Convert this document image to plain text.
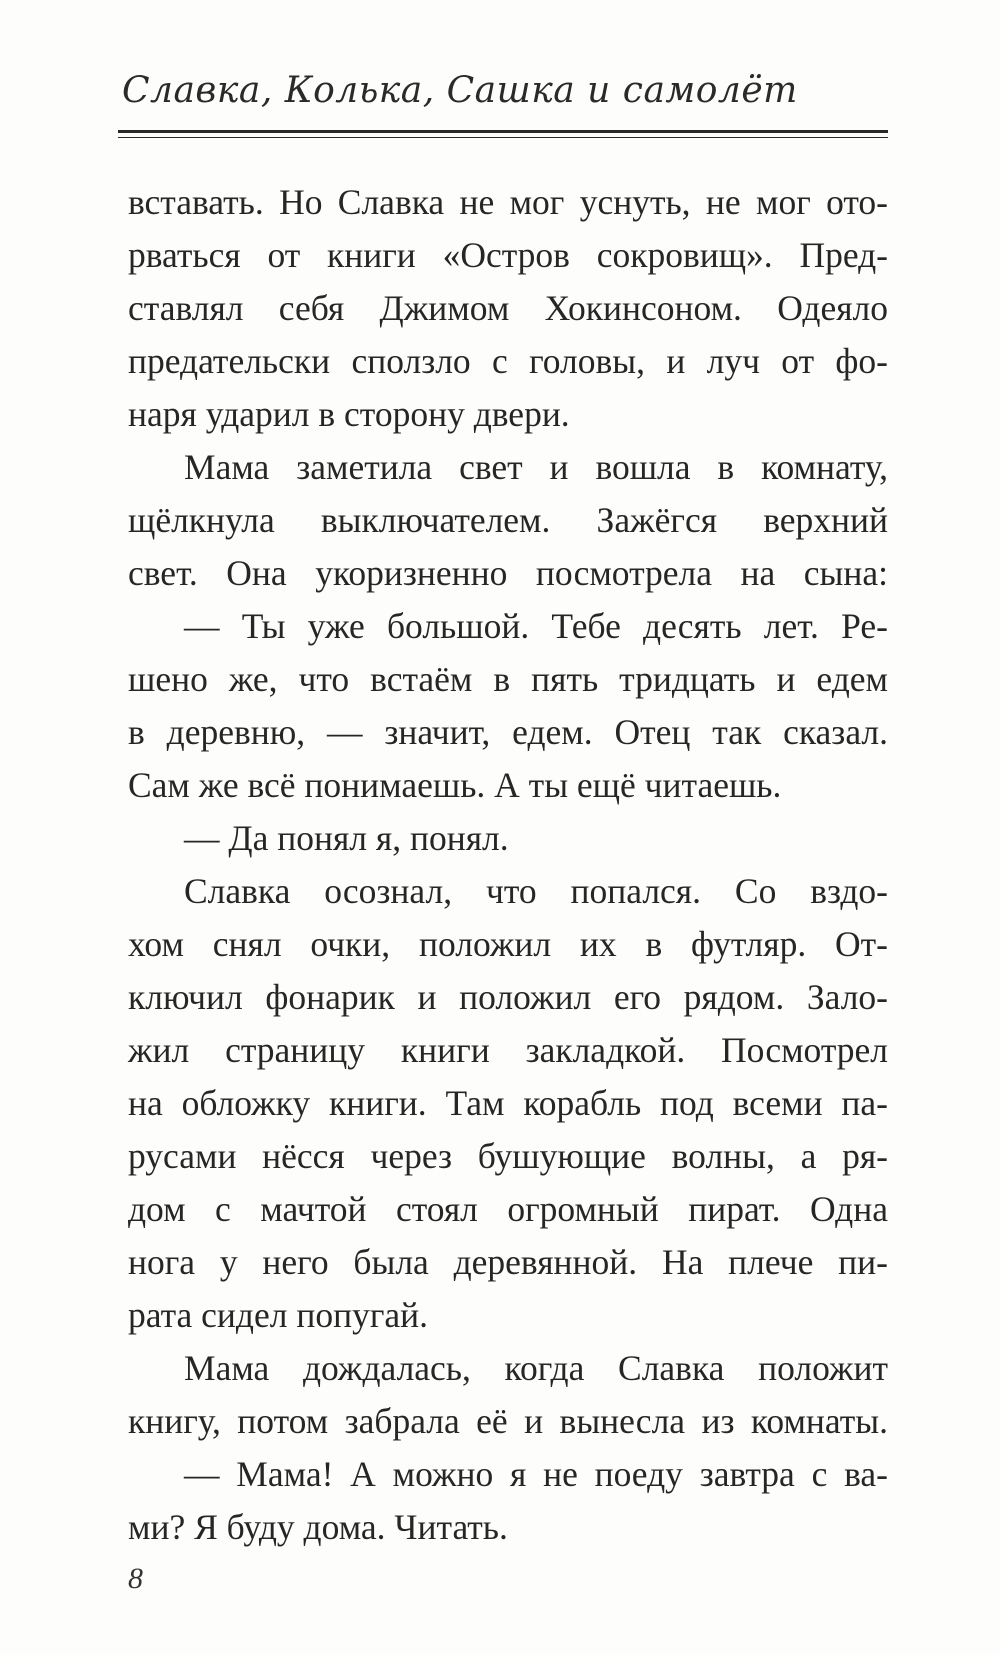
Славка, Колька, Сашка и самолёт
вставать. Но Славка не мог уснуть, не мог ото-
рваться от книги «Остров сокровищ». Пред-
ставлял себя Джимом Хокинсоном. Одеяло
предательски сползло с головы, и луч от фо-
наря ударил в сторону двери.
Мама заметила свет и вошла в комнату,
щёлкнула выключателем. Зажёгся верхний
свет. Она укоризненно посмотрела на сына:
— Ты уже большой. Тебе десять лет. Ре-
шено же, что встаём в пять тридцать и едем
в деревню, — значит, едем. Отец так сказал.
Сам же всё понимаешь. А ты ещё читаешь.
— Да понял я, понял.
Славка осознал, что попался. Со вздо-
хом снял очки, положил их в футляр. От-
ключил фонарик и положил его рядом. Зало-
жил страницу книги закладкой. Посмотрел
на обложку книги. Там корабль под всеми па-
русами нёсся через бушующие волны, а ря-
дом с мачтой стоял огромный пират. Одна
нога у него была деревянной. На плече пи-
рата сидел попугай.
Мама дождалась, когда Славка положит
книгу, потом забрала её и вынесла из комнаты.
— Мама! А можно я не поеду завтра с ва-
ми? Я буду дома. Читать.
8
